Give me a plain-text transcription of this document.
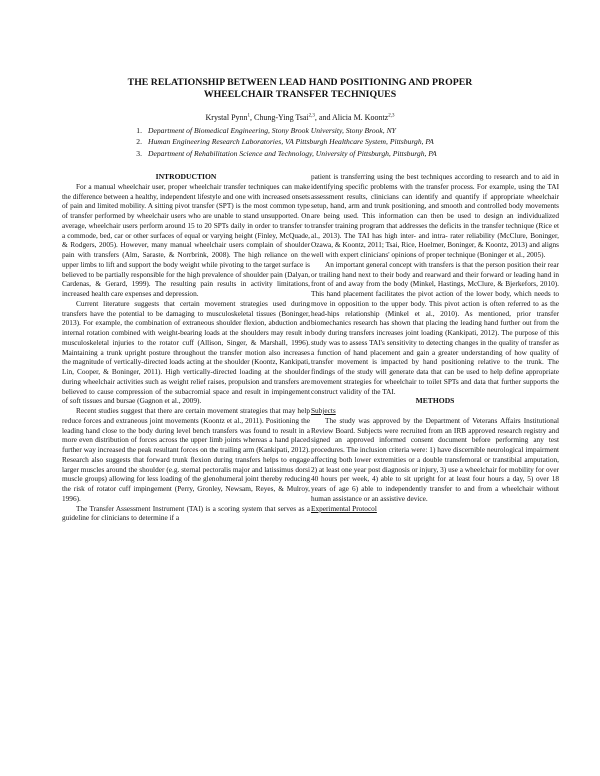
THE RELATIONSHIP BETWEEN LEAD HAND POSITIONING AND PROPER
WHEELCHAIR TRANSFER TECHNIQUES
Krystal Pynn$^1$, Chung-Ying Tsai$^{2,3}$, and Alicia M. Koontz$^{2,3}$
1. Department of Biomedical Engineering, Stony Brook University, Stony Brook, NY
2. Human Engineering Research Laboratories, VA Pittsburgh Healthcare System, Pittsburgh, PA
3. Department of Rehabilitation Science and Technology, University of Pittsburgh, Pittsburgh, PA
INTRODUCTION

For a manual wheelchair user, proper wheelchair transfer techniques can make the difference between a healthy, independent lifestyle and one with increased onsets of pain and limited mobility. A sitting pivot transfer (SPT) is the most common type of transfer performed by wheelchair users who are unable to stand unsupported. On average, wheelchair users perform around 15 to 20 SPTs daily in order to transfer to a commode, bed, car or other surfaces of equal or varying height (Finley, McQuade, & Rodgers, 2005). However, many manual wheelchair users complain of shoulder pain with transfers (Alm, Saraste, & Norrbrink, 2008). The high reliance on the upper limbs to lift and support the body weight while pivoting to the target surface is believed to be partially responsible for the high prevalence of shoulder pain (Dalyan, Cardenas, & Gerard, 1999). The resulting pain results in activity limitations, increased health care expenses and depression.

Current literature suggests that certain movement strategies used during transfers have the potential to be damaging to musculoskeletal tissues (Boninger, 2013). For example, the combination of extraneous shoulder flexion, abduction and internal rotation combined with weight-bearing loads at the shoulders may result in musculoskeletal injuries to the rotator cuff (Allison, Singer, & Marshall, 1996). Maintaining a trunk upright posture throughout the transfer motion also increases the magnitude of vertically-directed loads acting at the shoulder (Koontz, Kankipati, Lin, Cooper, & Boninger, 2011). High vertically-directed loading at the shoulder during wheelchair activities such as weight relief raises, propulsion and transfers are believed to cause compression of the subacromial space and result in impingement of soft tissues and bursae (Gagnon et al., 2009).

Recent studies suggest that there are certain movement strategies that may help reduce forces and extraneous joint movements (Koontz et al., 2011). Positioning the leading hand close to the body during level bench transfers was found to result in a more even distribution of forces across the upper limb joints whereas a hand placed further way increased the peak resultant forces on the trailing arm (Kankipati, 2012). Research also suggests that forward trunk flexion during transfers helps to engage larger muscles around the shoulder (e.g. sternal pectoralis major and latissimus dorsi muscle groups) allowing for less loading of the glenohumeral joint thereby reducing the risk of rotator cuff impingement (Perry, Gronley, Newsam, Reyes, & Mulroy, 1996).

The Transfer Assessment Instrument (TAI) is a scoring system that serves as a guideline for clinicians to determine if a

patient is transferring using the best techniques according to research and to aid in identifying specific problems with the transfer process. For example, using the TAI assessment results, clinicians can identify and quantify if appropriate wheelchair setup, hand, arm and trunk positioning, and smooth and controlled body movements are being used. This information can then be used to design an individualized transfer training program that addresses the deficits in the transfer technique (Rice et al., 2013). The TAI has high inter- and intra- rater reliability (McClure, Boninger, Ozawa, & Koontz, 2011; Tsai, Rice, Hoelmer, Boninger, & Koontz, 2013) and aligns well with expert clinicians' opinions of proper technique (Boninger et al., 2005).

An important general concept with transfers is that the person position their rear or trailing hand next to their body and rearward and their forward or leading hand in front of and away from the body (Minkel, Hastings, McClure, & Bjerkefors, 2010). This hand placement facilitates the pivot action of the lower body, which needs to move in opposition to the upper body. This pivot action is often referred to as the head-hips relationship (Minkel et al., 2010). As mentioned, prior transfer biomechanics research has shown that placing the leading hand further out from the body during transfers increases joint loading (Kankipati, 2012). The purpose of this study was to assess TAI's sensitivity to detecting changes in the quality of transfer as a function of hand placement and gain a greater understanding of how quality of transfer movement is impacted by hand positioning relative to the trunk. The findings of the study will generate data that can be used to help define appropriate movement strategies for wheelchair to toilet SPTs and data that further supports the construct validity of the TAI.

METHODS

Subjects

The study was approved by the Department of Veterans Affairs Institutional Review Board. Subjects were recruited from an IRB approved research registry and signed an approved informed consent document before performing any test procedures. The inclusion criteria were: 1) have discernible neurological impairment affecting both lower extremities or a double transfemoral or transtibial amputation, 2) at least one year post diagnosis or injury, 3) use a wheelchair for mobility for over 40 hours per week, 4) able to sit upright for at least four hours a day, 5) over 18 years of age 6) able to independently transfer to and from a wheelchair without human assistance or an assistive device.

Experimental Protocol
